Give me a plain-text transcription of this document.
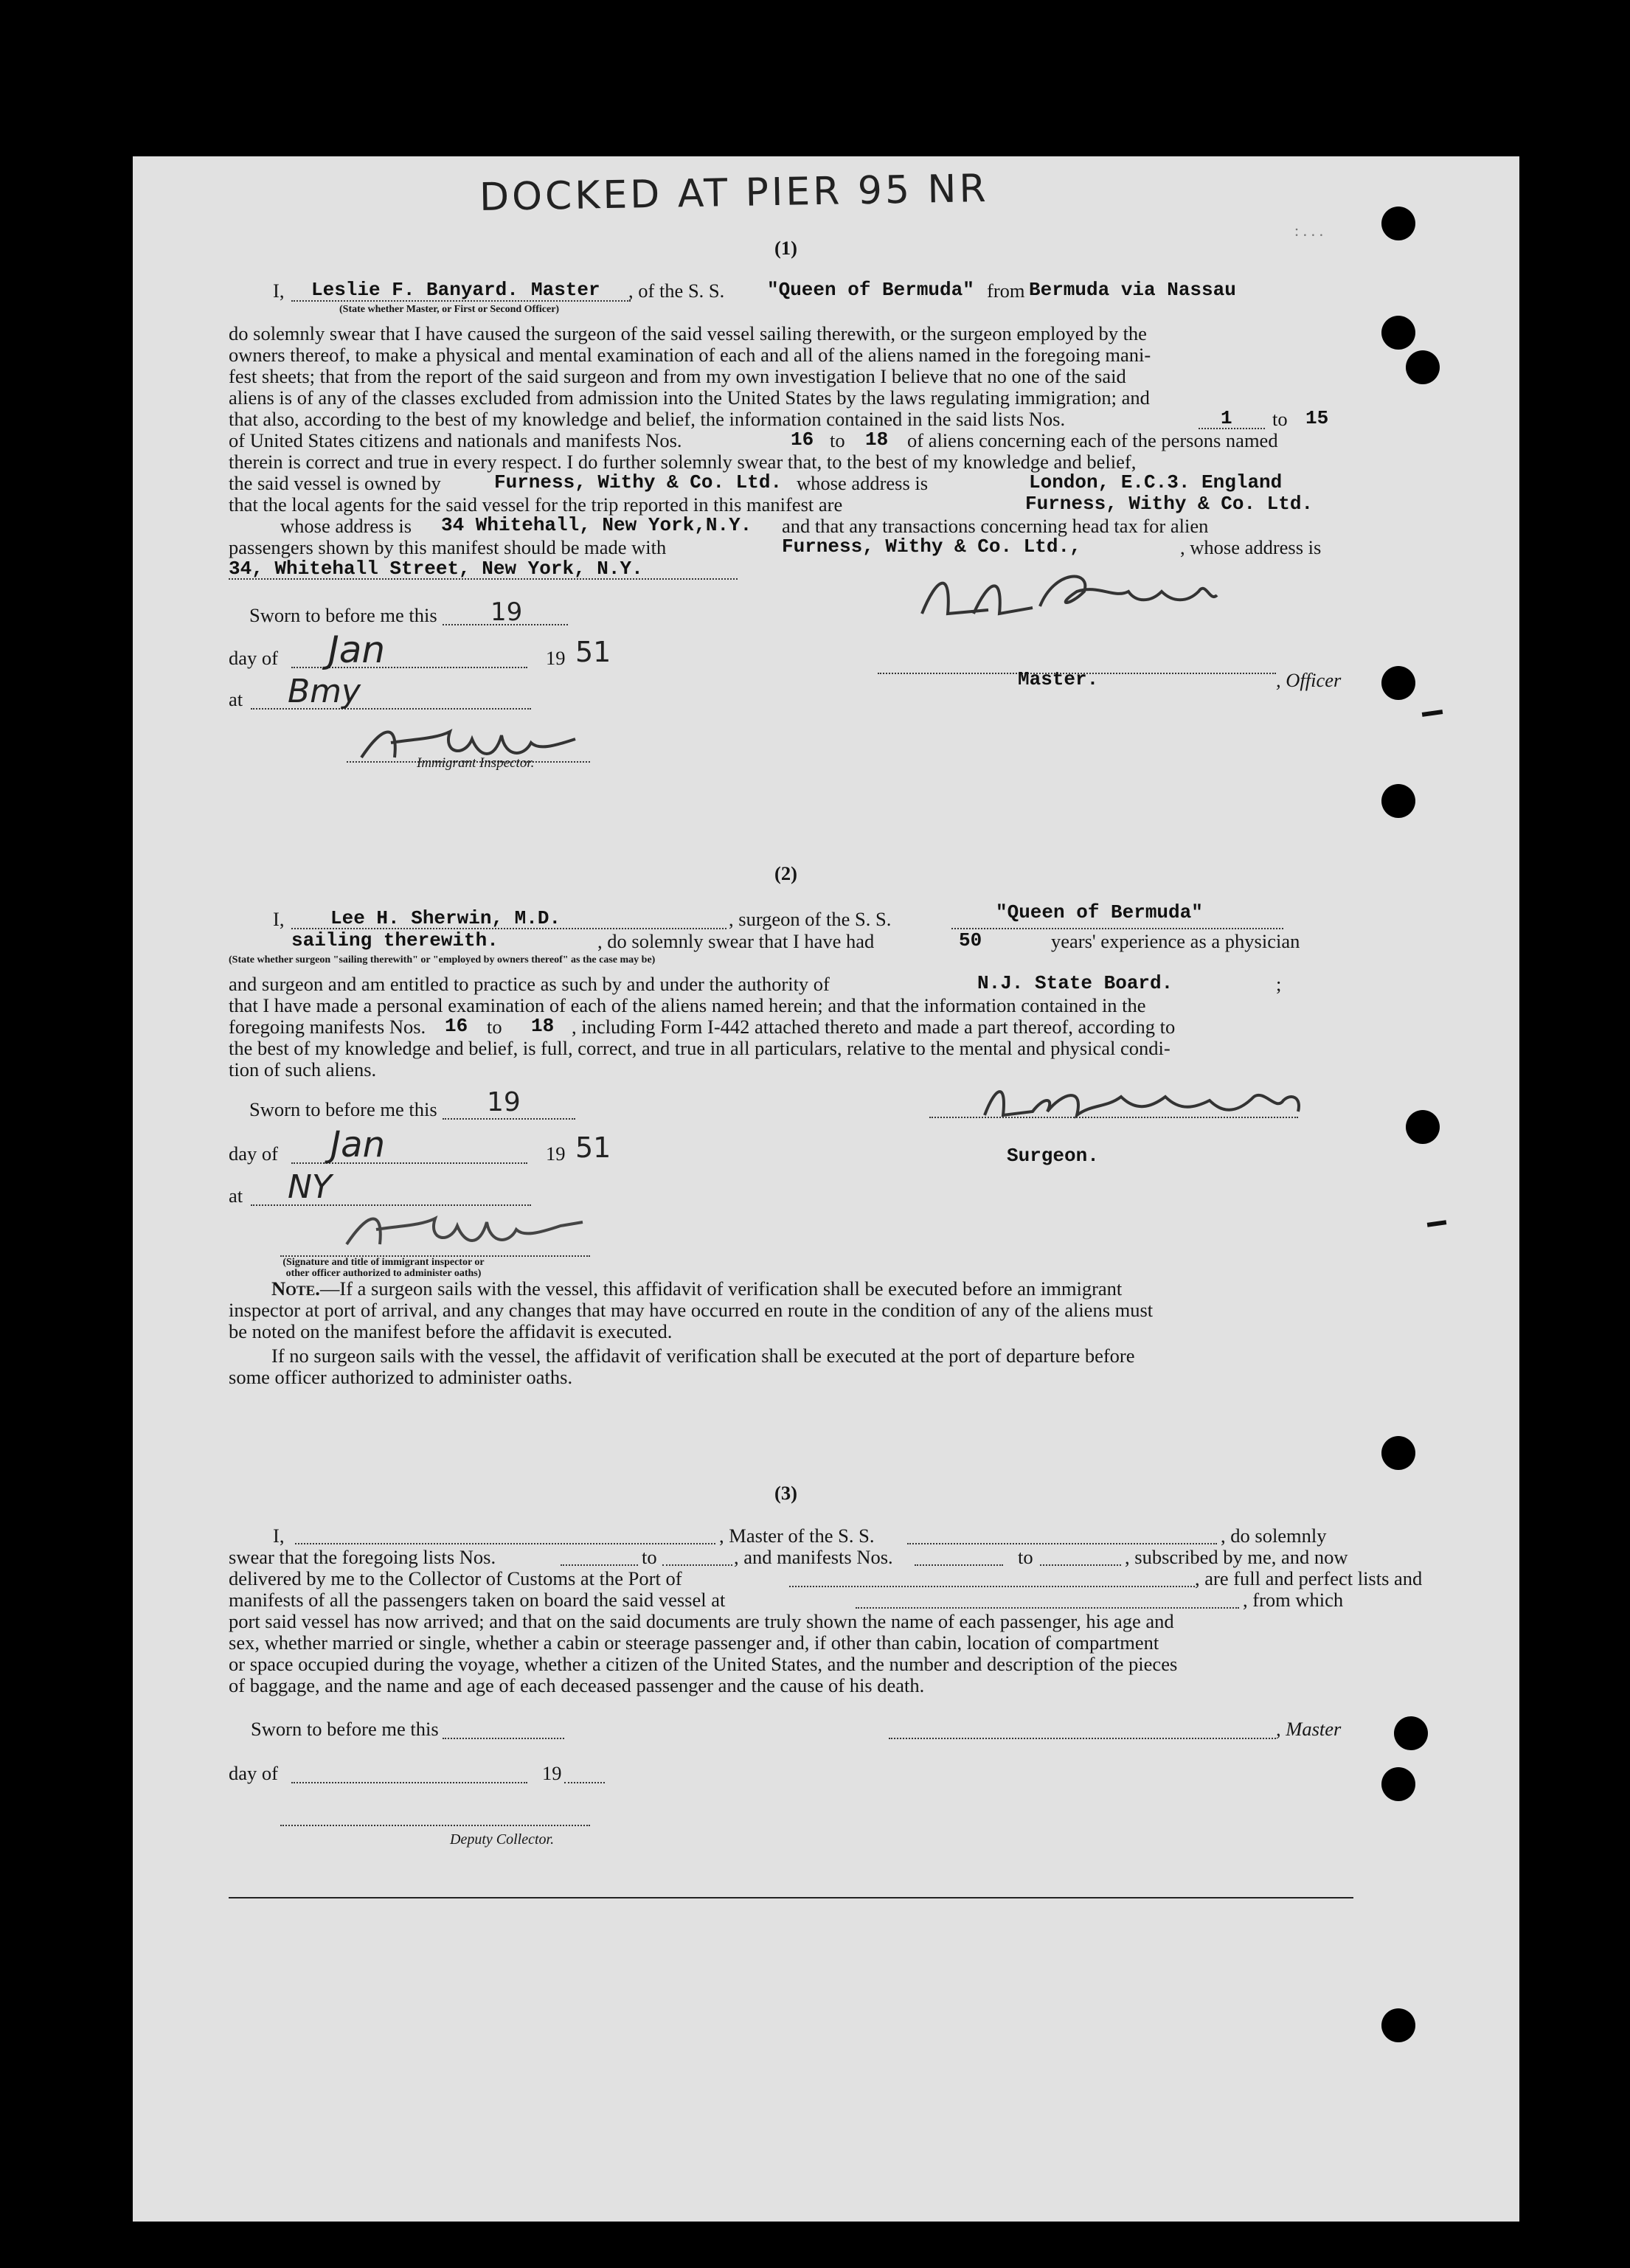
DOCKED AT PIER 95 NR
: . . .
(1)
I, Leslie F. Banyard. Master , of the S. S. "Queen of Bermuda" from Bermuda via Nassau
(State whether Master, or First or Second Officer)
do solemnly swear that I have caused the surgeon of the said vessel sailing therewith, or the surgeon employed by the
owners thereof, to make a physical and mental examination of each and all of the aliens named in the foregoing mani-
fest sheets; that from the report of the said surgeon and from my own investigation I believe that no one of the said
aliens is of any of the classes excluded from admission into the United States by the laws regulating immigration; and
that also, according to the best of my knowledge and belief, the information contained in the said lists Nos.	1 to 15
of United States citizens and nationals and manifests Nos.	16 to 18 of aliens concerning each of the persons named
therein is correct and true in every respect. I do further solemnly swear that, to the best of my knowledge and belief,
the said vessel is owned by	Furness, Withy & Co. Ltd. whose address is	London, E.C.3. England
that the local agents for the said vessel for the trip reported in this manifest are	Furness, Withy & Co. Ltd.
whose address is 34 Whitehall, New York,N.Y. and that any transactions concerning head tax for alien
passengers shown by this manifest should be made with	Furness, Withy & Co. Ltd.,	, whose address is
34, Whitehall Street, New York, N.Y.
Sworn to before me this 19
day of Jan	19 51
at Bmy
Immigrant Inspector.
Master.	, Officer
(2)
I, Lee H. Sherwin, M.D.	, surgeon of the S. S.	"Queen of Bermuda"
sailing therewith.	, do solemnly swear that I have had	50	years' experience as a physician
(State whether surgeon "sailing therewith" or "employed by owners thereof" as the case may be)
and surgeon and am entitled to practice as such by and under the authority of	N.J. State Board.	;
that I have made a personal examination of each of the aliens named herein; and that the information contained in the
foregoing manifests Nos. 16 to 18 , including Form I-442 attached thereto and made a part thereof, according to
the best of my knowledge and belief, is full, correct, and true in all particulars, relative to the mental and physical condi-
tion of such aliens.
Sworn to before me this 19
day of Jan	19 51
at NY
(Signature and title of immigrant inspector or other officer authorized to administer oaths)
Surgeon.
Note.—If a surgeon sails with the vessel, this affidavit of verification shall be executed before an immigrant
inspector at port of arrival, and any changes that may have occurred en route in the condition of any of the aliens must
be noted on the manifest before the affidavit is executed.
If no surgeon sails with the vessel, the affidavit of verification shall be executed at the port of departure before
some officer authorized to administer oaths.
(3)
I,	, Master of the S. S.	, do solemnly
swear that the foregoing lists Nos.	to	, and manifests Nos.	to	, subscribed by me, and now
delivered by me to the Collector of Customs at the Port of	, are full and perfect lists and
manifests of all the passengers taken on board the said vessel at	, from which
port said vessel has now arrived; and that on the said documents are truly shown the name of each passenger, his age and
sex, whether married or single, whether a cabin or steerage passenger and, if other than cabin, location of compartment
or space occupied during the voyage, whether a citizen of the United States, and the number and description of the pieces
of baggage, and the name and age of each deceased passenger and the cause of his death.
Sworn to before me this	, Master
day of	19
Deputy Collector.
